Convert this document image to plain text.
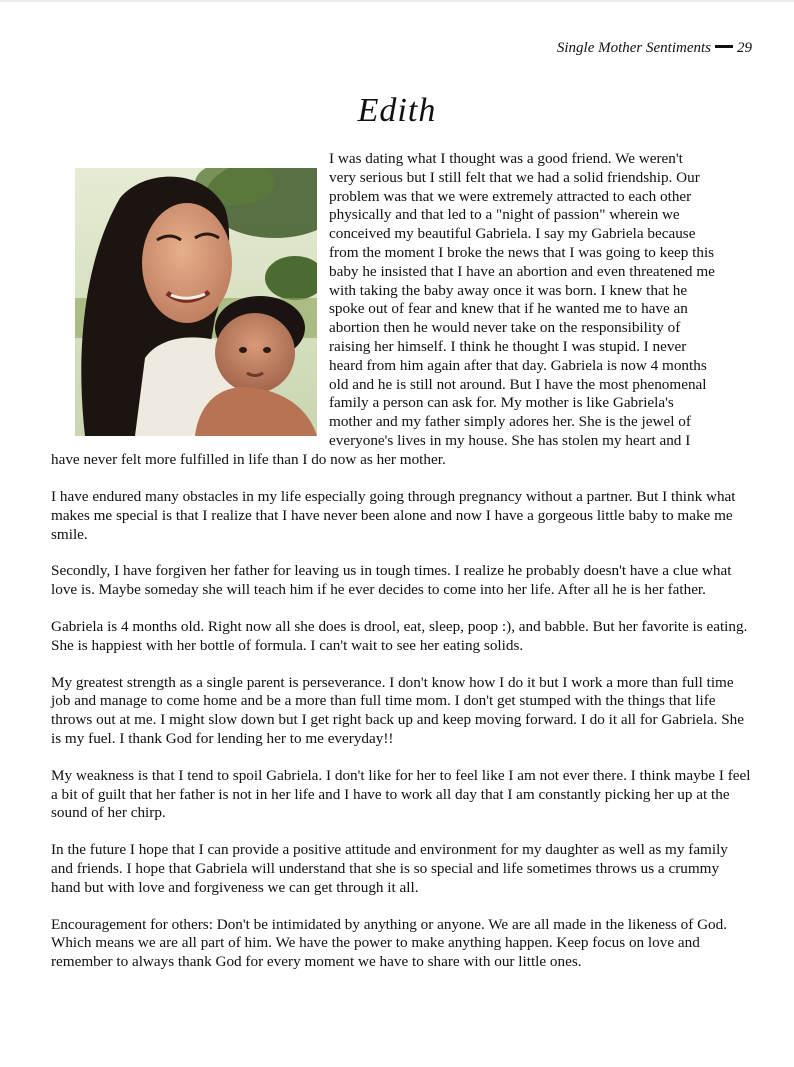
Single Mother Sentiments 29
Edith
I was dating what I thought was a good friend. We weren't
very serious but I still felt that we had a solid friendship. Our
problem was that we were extremely attracted to each other
physically and that led to a "night of passion" wherein we
conceived my beautiful Gabriela. I say my Gabriela because
from the moment I broke the news that I was going to keep this
baby he insisted that I have an abortion and even threatened me
with taking the baby away once it was born. I knew that he
spoke out of fear and knew that if he wanted me to have an
abortion then he would never take on the responsibility of
raising her himself. I think he thought I was stupid. I never
heard from him again after that day. Gabriela is now 4 months
old and he is still not around. But I have the most phenomenal
family a person can ask for. My mother is like Gabriela's
mother and my father simply adores her. She is the jewel of
everyone's lives in my house. She has stolen my heart and I
have never felt more fulfilled in life than I do now as her mother.

I have endured many obstacles in my life especially going through pregnancy without a partner. But I think what makes me special is that I realize that I have never been alone and now I have a gorgeous little baby to make me smile.

Secondly, I have forgiven her father for leaving us in tough times. I realize he probably doesn't have a clue what love is. Maybe someday she will teach him if he ever decides to come into her life. After all he is her father.

Gabriela is 4 months old. Right now all she does is drool, eat, sleep, poop :), and babble. But her favorite is eating. She is happiest with her bottle of formula. I can't wait to see her eating solids.

My greatest strength as a single parent is perseverance. I don't know how I do it but I work a more than full time job and manage to come home and be a more than full time mom. I don't get stumped with the things that life throws out at me. I might slow down but I get right back up and keep moving forward. I do it all for Gabriela. She is my fuel. I thank God for lending her to me everyday!!

My weakness is that I tend to spoil Gabriela. I don't like for her to feel like I am not ever there. I think maybe I feel a bit of guilt that her father is not in her life and I have to work all day that I am constantly picking her up at the sound of her chirp.

In the future I hope that I can provide a positive attitude and environment for my daughter as well as my family and friends. I hope that Gabriela will understand that she is so special and life sometimes throws us a crummy hand but with love and forgiveness we can get through it all.

Encouragement for others: Don't be intimidated by anything or anyone. We are all made in the likeness of God. Which means we are all part of him. We have the power to make anything happen. Keep focus on love and remember to always thank God for every moment we have to share with our little ones.
